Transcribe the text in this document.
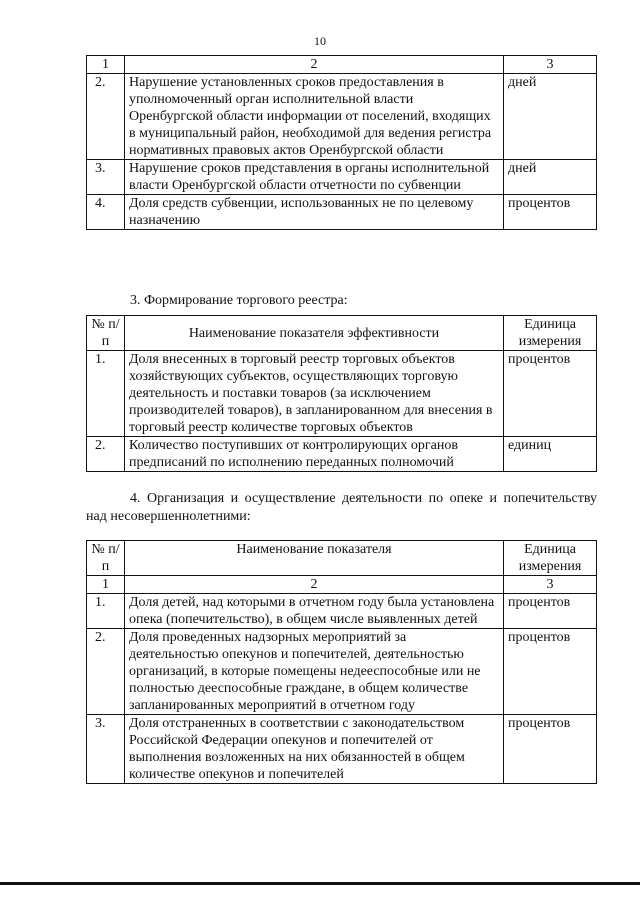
10
1	2	3
2.	Нарушение установленных сроков предоставления в уполномоченный орган исполнительной власти Оренбургской области информации от поселений, входящих в муниципальный район, необходимой для ведения регистра нормативных правовых актов Оренбургской области	дней
3.	Нарушение сроков представления в органы исполнительной власти Оренбургской области отчетности по субвенции	дней
4.	Доля средств субвенции, использованных не по целевому назначению	процентов
3. Формирование торгового реестра:
№ п/п	Наименование показателя эффективности	Единица измерения
1.	Доля внесенных в торговый реестр торговых объектов хозяйствующих субъектов, осуществляющих торговую деятельность и поставки товаров (за исключением производителей товаров), в запланированном для внесения в торговый реестр количестве торговых объектов	процентов
2.	Количество поступивших от контролирующих органов предписаний по исполнению переданных полномочий	единиц
4. Организация и осуществление деятельности по опеке и попечительству над несовершеннолетними:
№ п/п	Наименование показателя	Единица измерения
1	2	3
1.	Доля детей, над которыми в отчетном году была установлена опека (попечительство), в общем числе выявленных детей	процентов
2.	Доля проведенных надзорных мероприятий за деятельностью опекунов и попечителей, деятельностью организаций, в которые помещены недееспособные или не полностью дееспособные граждане, в общем количестве запланированных мероприятий в отчетном году	процентов
3.	Доля отстраненных в соответствии с законодательством Российской Федерации опекунов и попечителей от выполнения возложенных на них обязанностей в общем количестве опекунов и попечителей	процентов
